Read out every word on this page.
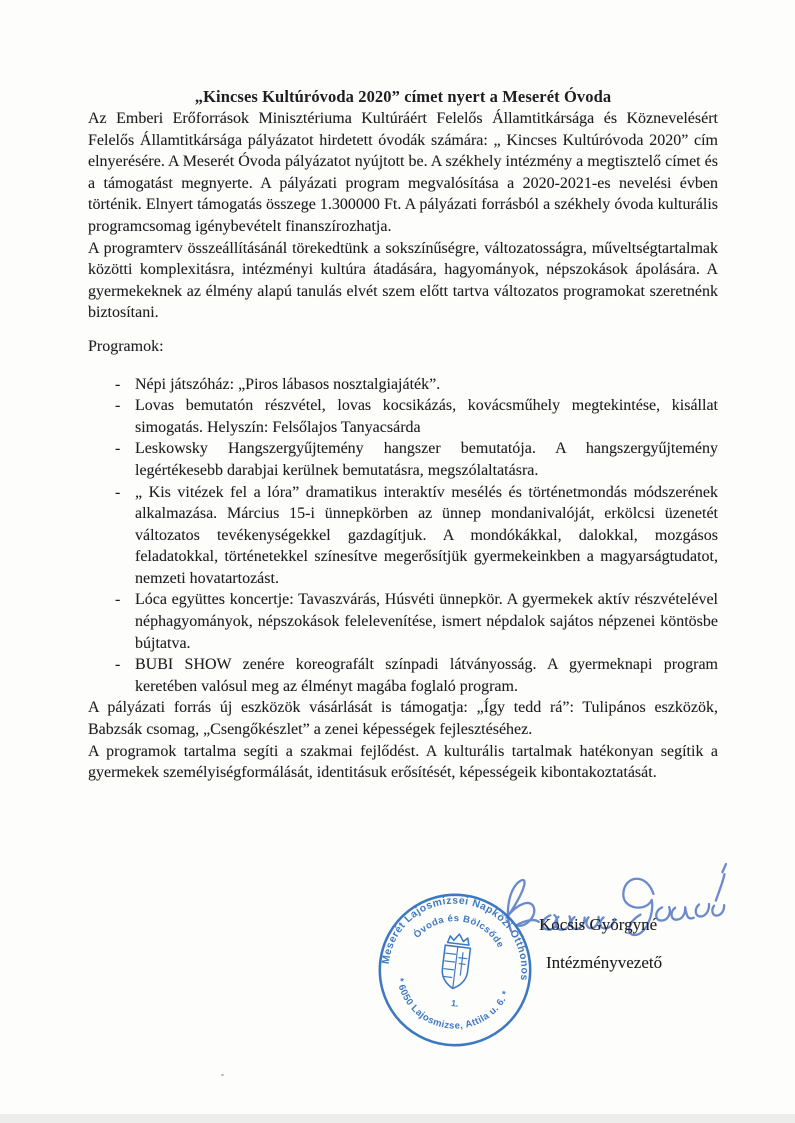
„Kincses Kultúróvoda 2020” címet nyert a Meserét Óvoda

Az Emberi Erőforrások Minisztériuma Kultúráért Felelős Államtitkársága és Köznevelésért Felelős Államtitkársága pályázatot hirdetett óvodák számára: „ Kincses Kultúróvoda 2020” cím elnyerésére. A Meserét Óvoda pályázatot nyújtott be. A székhely intézmény a megtisztelő címet és a támogatást megnyerte. A pályázati program megvalósítása a 2020-2021-es nevelési évben történik. Elnyert támogatás összege 1.300000 Ft. A pályázati forrásból a székhely óvoda kulturális programcsomag igénybevételt finanszírozhatja.

A programterv összeállításánál törekedtünk a sokszínűségre, változatosságra, műveltségtartalmak közötti komplexitásra, intézményi kultúra átadására, hagyományok, népszokások ápolására. A gyermekeknek az élmény alapú tanulás elvét szem előtt tartva változatos programokat szeretnénk biztosítani.

Programok:

- Népi játszóház: „Piros lábasos nosztalgiajáték”.
- Lovas bemutatón részvétel, lovas kocsikázás, kovácsműhely megtekintése, kisállat simogatás. Helyszín: Felsőlajos Tanyacsárda
- Leskowsky Hangszergyűjtemény hangszer bemutatója. A hangszergyűjtemény legértékesebb darabjai kerülnek bemutatásra, megszólaltatásra.
- „ Kis vitézek fel a lóra” dramatikus interaktív mesélés és történetmondás módszerének alkalmazása. Március 15-i ünnepkörben az ünnep mondanivalóját, erkölcsi üzenetét változatos tevékenységekkel gazdagítjuk. A mondókákkal, dalokkal, mozgásos feladatokkal, történetekkel színesítve megerősítjük gyermekeinkben a magyarságtudatot, nemzeti hovatartozást.
- Lóca együttes koncertje: Tavaszvárás, Húsvéti ünnepkör. A gyermekek aktív részvételével néphagyományok, népszokások felelevenítése, ismert népdalok sajátos népzenei köntösbe bújtatva.
- BUBI SHOW zenére koreografált színpadi látványosság. A gyermeknapi program keretében valósul meg az élményt magába foglaló program.

A pályázati forrás új eszközök vásárlását is támogatja: „Így tedd rá”: Tulipános eszközök, Babzsák csomag, „Csengőkészlet” a zenei képességek fejlesztéséhez.

A programok tartalma segíti a szakmai fejlődést. A kulturális tartalmak hatékonyan segítik a gyermekek személyiségformálását, identitásuk erősítését, képességeik kibontakoztatását.

Meserét Lajosmizsei Napközi Otthonos
Óvoda és Bölcsőde
* 6050 Lajosmizse, Attila u. 6. *
1.
Kocsis Györgyné
Intézményvezető
